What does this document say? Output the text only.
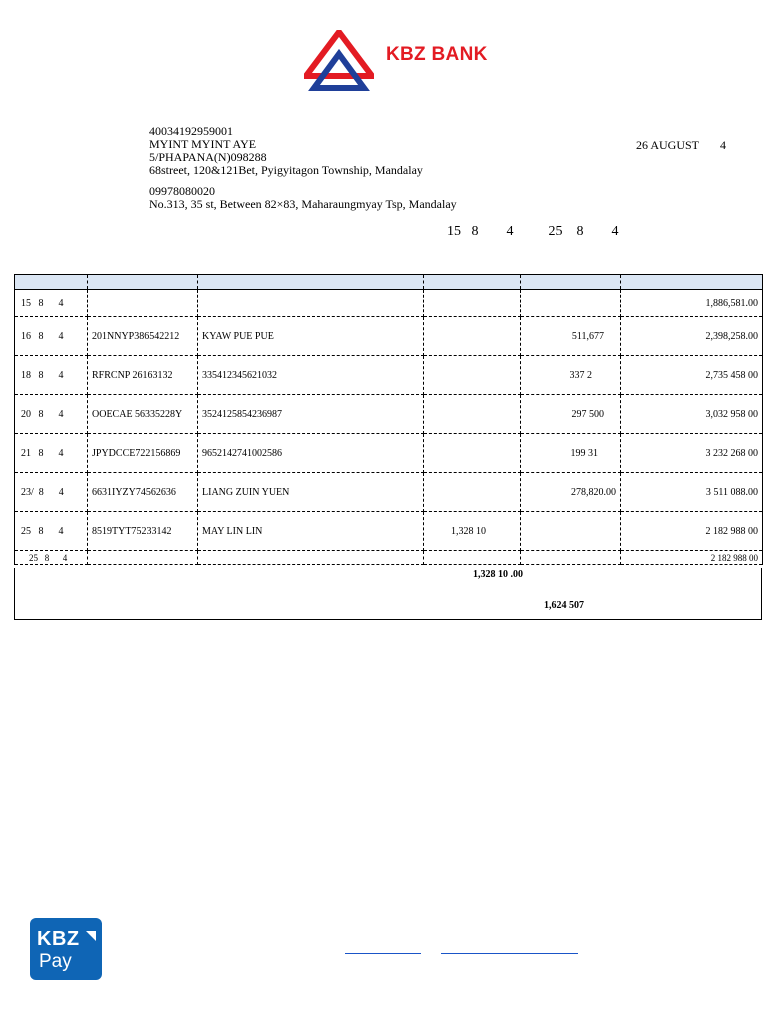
KBZ BANK
40034192959001
MYINT MYINT AYE
5/PHAPANA(N)098288
68street, 120&121Bet, Pyigyitagon Township, Mandalay
09978080020
No.313, 35 st, Between 82×83, Maharaungmyay Tsp, Mandalay
26 AUGUST 4
15   8        4          25    8        4

15   8      4					1,886,581.00
16   8      4	201NNYP386542212	KYAW PUE PUE		511,677	2,398,258.00
18   8      4	RFRCNP 26163132	335412345621032		337 2	2,735 458 00
20   8      4	OOECAE 56335228Y	3524125854236987		297 500	3,032 958 00
21   8      4	JPYDCCE722156869	9652142741002586		199 31	3 232 268 00
23/  8      4	6631IYZY74562636	LIANG ZUIN YUEN		278,820.00	3 511 088.00
25   8      4	8519TYT75233142	MAY LIN LIN	1,328 10		2 182 988 00
25   8      4					2 182 988 00
1,328 10 .00
1,624 507
KBZ
Pay
